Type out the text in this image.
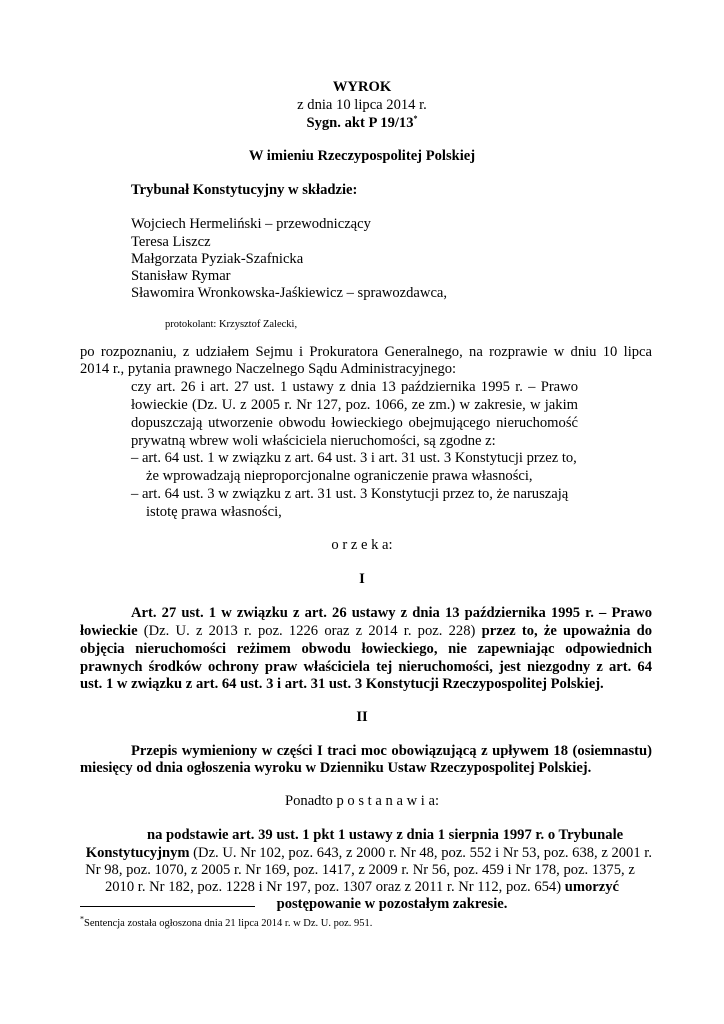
WYROK
z dnia 10 lipca 2014 r.
Sygn. akt P 19/13*
W imieniu Rzeczypospolitej Polskiej
Trybunał Konstytucyjny w składzie:
Wojciech Hermeliński – przewodniczący
Teresa Liszcz
Małgorzata Pyziak-Szafnicka
Stanisław Rymar
Sławomira Wronkowska-Jaśkiewicz – sprawozdawca,
protokolant: Krzysztof Zalecki,
po rozpoznaniu, z udziałem Sejmu i Prokuratora Generalnego, na rozprawie w dniu 10 lipca
2014 r., pytania prawnego Naczelnego Sądu Administracyjnego:
czy art. 26 i art. 27 ust. 1 ustawy z dnia 13 października 1995 r. – Prawo
łowieckie (Dz. U. z 2005 r. Nr 127, poz. 1066, ze zm.) w zakresie, w jakim
dopuszczają utworzenie obwodu łowieckiego obejmującego nieruchomość
prywatną wbrew woli właściciela nieruchomości, są zgodne z:
– art. 64 ust. 1 w związku z art. 64 ust. 3 i art. 31 ust. 3 Konstytucji przez to,
że wprowadzają nieproporcjonalne ograniczenie prawa własności,
– art. 64 ust. 3 w związku z art. 31 ust. 3 Konstytucji przez to, że naruszają
istotę prawa własności,
o r z e k a:
I
Art. 27 ust. 1 w związku z art. 26 ustawy z dnia 13 października 1995 r. – Prawo
łowieckie (Dz. U. z 2013 r. poz. 1226 oraz z 2014 r. poz. 228) przez to, że upoważnia do
objęcia nieruchomości reżimem obwodu łowieckiego, nie zapewniając odpowiednich
prawnych środków ochrony praw właściciela tej nieruchomości, jest niezgodny z art. 64
ust. 1 w związku z art. 64 ust. 3 i art. 31 ust. 3 Konstytucji Rzeczypospolitej Polskiej.
II
Przepis wymieniony w części I traci moc obowiązującą z upływem 18 (osiemnastu)
miesięcy od dnia ogłoszenia wyroku w Dzienniku Ustaw Rzeczypospolitej Polskiej.
Ponadto p o s t a n a w i a:
na podstawie art. 39 ust. 1 pkt 1 ustawy z dnia 1 sierpnia 1997 r. o Trybunale
Konstytucyjnym (Dz. U. Nr 102, poz. 643, z 2000 r. Nr 48, poz. 552 i Nr 53, poz. 638, z 2001 r.
Nr 98, poz. 1070, z 2005 r. Nr 169, poz. 1417, z 2009 r. Nr 56, poz. 459 i Nr 178, poz. 1375, z
2010 r. Nr 182, poz. 1228 i Nr 197, poz. 1307 oraz z 2011 r. Nr 112, poz. 654) umorzyć
postępowanie w pozostałym zakresie.
*Sentencja została ogłoszona dnia 21 lipca 2014 r. w Dz. U. poz. 951.
